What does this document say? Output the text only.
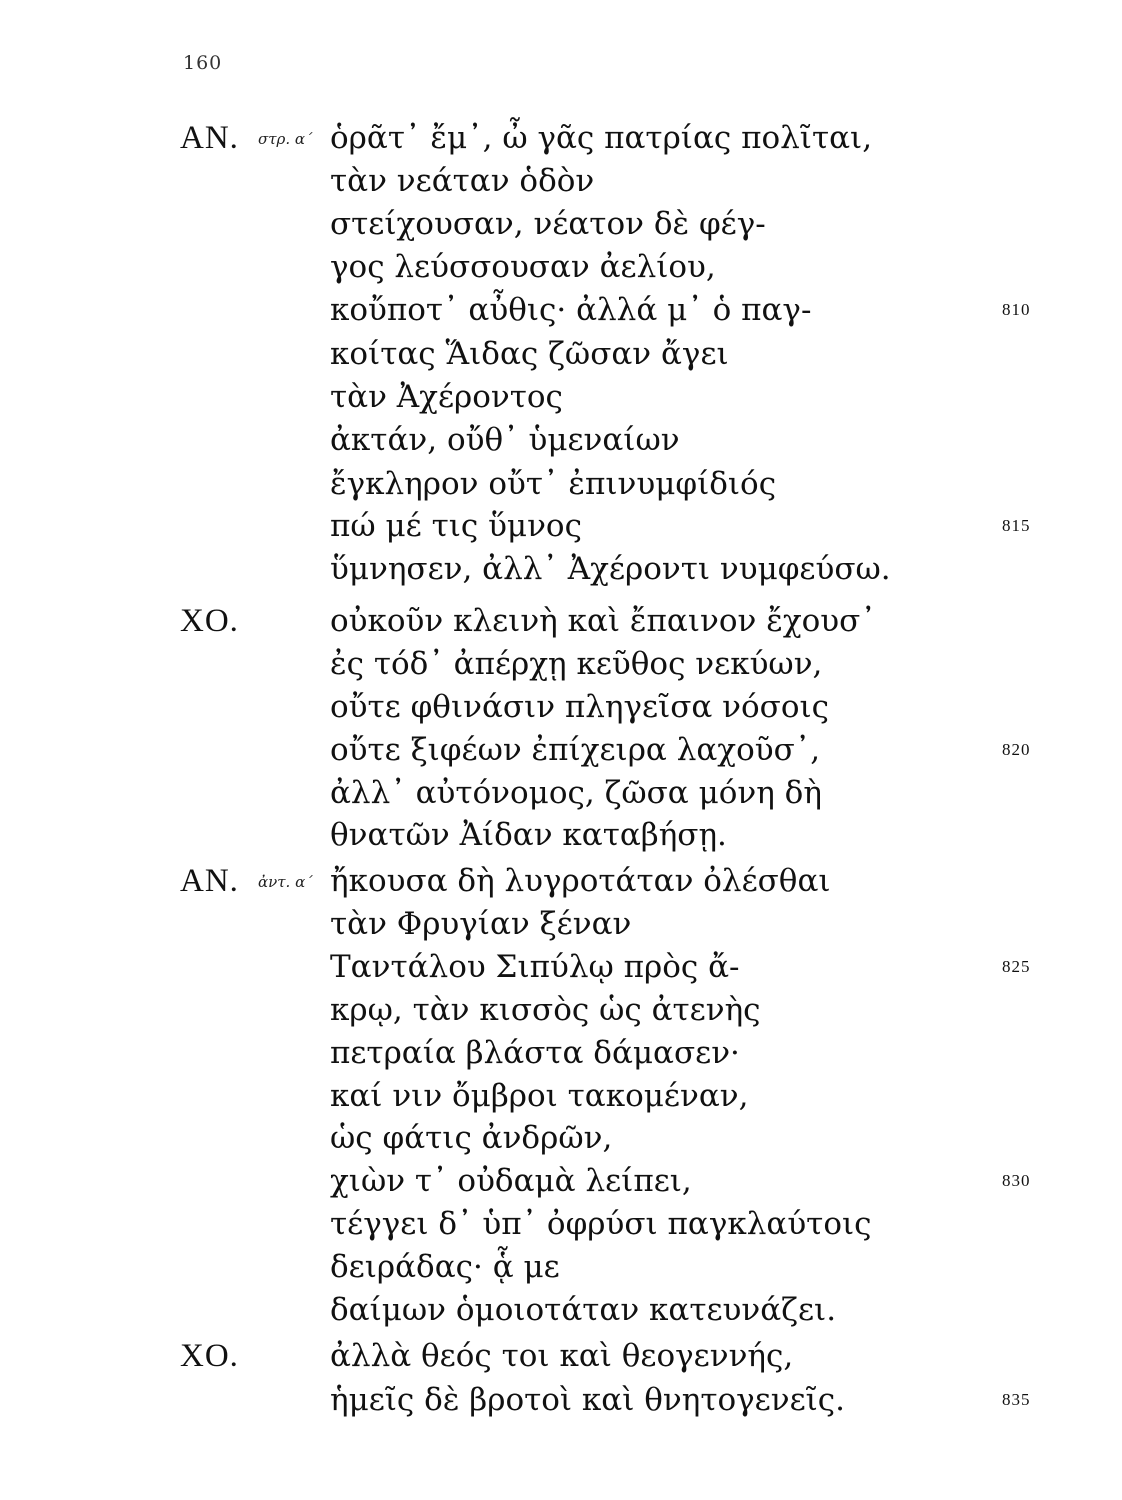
160
AN. στρ. α΄ ὁρᾶτ᾽ ἔμ᾽, ὦ γᾶς πατρίας πολῖται,
τὰν νεάταν ὁδὸν
στείχουσαν, νέατον δὲ φέγ-
γος λεύσσουσαν ἀελίου,
κοὔποτ᾽ αὖθις· ἀλλά μ᾽ ὁ παγ-	810
κοίτας Ἅιδας ζῶσαν ἄγει
τὰν Ἀχέροντος
ἀκτάν, οὔθ᾽ ὑμεναίων
ἔγκληρον οὔτ᾽ ἐπινυμφίδιός
πώ μέ τις ὕμνος	815
ὕμνησεν, ἀλλ᾽ Ἀχέροντι νυμφεύσω.
XO.	οὐκοῦν κλεινὴ καὶ ἔπαινον ἔχουσ᾽
ἐς τόδ᾽ ἀπέρχῃ κεῦθος νεκύων,
οὔτε φθινάσιν πληγεῖσα νόσοις
οὔτε ξιφέων ἐπίχειρα λαχοῦσ᾽,	820
ἀλλ᾽ αὐτόνομος, ζῶσα μόνη δὴ
θνατῶν Ἀίδαν καταβήσῃ.
AN. ἀντ. α΄ ἤκουσα δὴ λυγροτάταν ὀλέσθαι
τὰν Φρυγίαν ξέναν
Ταντάλου Σιπύλῳ πρὸς ἄ-	825
κρῳ, τὰν κισσὸς ὡς ἀτενὴς
πετραία βλάστα δάμασεν·
καί νιν ὄμβροι τακομέναν,
ὡς φάτις ἀνδρῶν,
χιὼν τ᾽ οὐδαμὰ λείπει,	830
τέγγει δ᾽ ὑπ᾽ ὀφρύσι παγκλαύτοις
δειράδας· ᾇ με
δαίμων ὁμοιοτάταν κατευνάζει.
XO.	ἀλλὰ θεός τοι καὶ θεογεννής,
ἡμεῖς δὲ βροτοὶ καὶ θνητογενεῖς.	835
